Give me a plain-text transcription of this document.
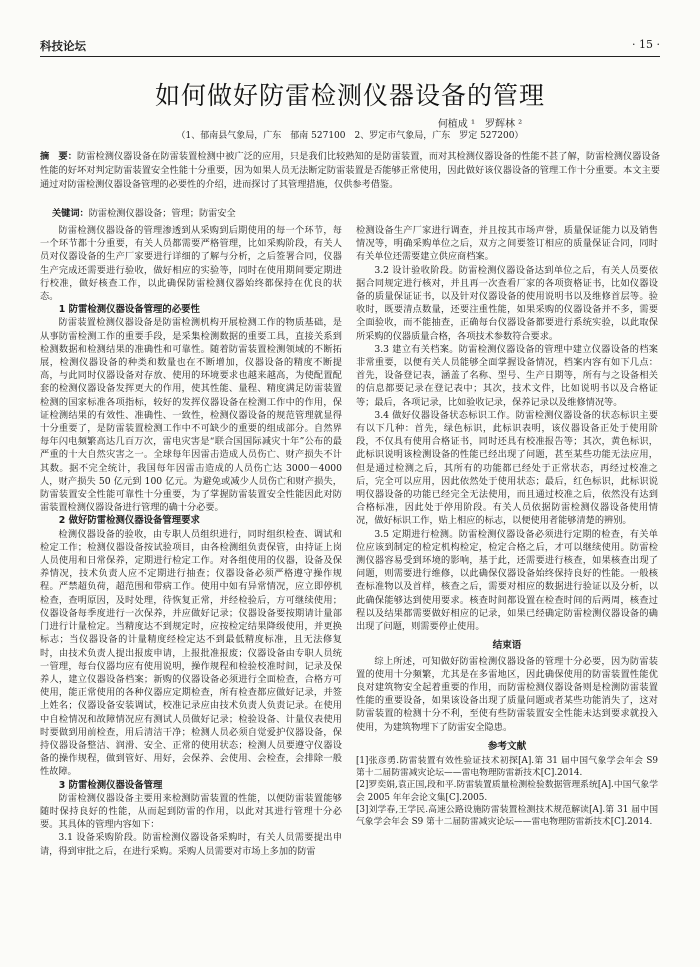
科技论坛	· 15 ·
如何做好防雷检测仪器设备的管理
何植成 ¹　罗辉林 ²
（1、郁南县气象局，广东　郁南 527100　2、罗定市气象局，广东　罗定 527200）
摘　要：防雷检测仪器设备在防雷装置检测中被广泛的应用，只是我们比较熟知的是防雷装置，而对其检测仪器设备的性能不甚了解，防雷检测仪器设备性能的好坏对判定防雷装置安全性能十分重要，因为如果人员无法断定防雷装置是否能够正常使用，因此做好该仪器设备的管理工作十分重要。本文主要通过对防雷检测仪器设备管理的必要性的介绍，进而探讨了其管理措施，仅供参考借鉴。
关键词：防雷检测仪器设备；管理；防雷安全

防雷检测仪器设备的管理渗透到从采购到后期使用的每一个环节，每一个环节都十分重要，有关人员都需要严格管理，比如采购阶段，有关人员对仪器设备的生产厂家要进行详细的了解与分析，之后签署合同，仪器生产完成还需要进行验收，做好相应的实验等，同时在使用期间要定期进行校准，做好核查工作，以此确保防雷检测仪器始终都保持在优良的状态。

1 防雷检测仪器设备管理的必要性

防雷装置检测仪器设备是防雷检测机构开展检测工作的物质基础，是从事防雷检测工作的重要手段，是采集检测数据的重要工具，直接关系到检测数据和检测结果的准确性和可靠性。随着防雷装置检测领域的不断拓展，检测仪器设备的种类和数量也在不断增加，仪器设备的精度不断提高，与此同时仪器设备对存放、使用的环境要求也越来越高，为使配置配套的检测仪器设备发挥更大的作用，使其性能、量程、精度满足防雷装置检测的国家标准各项指标，较好的发挥仪器设备在检测工作中的作用，保证检测结果的有效性、准确性、一致性，检测仪器设备的规范管理就显得十分重要了，是防雷装置检测工作中不可缺少的重要的组成部分。自然界每年闪电频繁高达几百万次，雷电灾害是“联合国国际减灾十年”公布的最严重的十大自然灾害之一。全球每年因雷击造成人员伤亡、财产损失不计其数。据不完全统计，我国每年因雷击造成的人员伤亡达 3000－4000 人，财产损失 50 亿元到 100 亿元。为避免或减少人员伤亡和财产损失，防雷装置安全性能可靠性十分重要，为了掌握防雷装置安全性能因此对防雷装置检测仪器设备进行管理的确十分必要。

2 做好防雷检测仪器设备管理要求

检测仪器设备的验收，由专职人员组织进行，同时组织检查、调试和检定工作；检测仪器设备按试验项目，由各检测组负责保管，由持证上岗人员使用和日常保养，定期进行检定工作。对各组使用的仪器，设备及保养情况，技术负责人应不定期进行抽查；仪器设备必须严格遵守操作规程。严禁超负荷，超范围和带病工作。使用中如有异常情况，应立即停机检查，查明原因，及时处理，待恢复正常，并经检验后，方可继续使用；仪器设备每季度进行一次保养，并应做好记录；仪器设备要按期请计量部门进行计量检定。当精度达不到规定时，应按检定结果降级使用，并更换标志；当仪器设备的计量精度经检定达不到最低精度标准，且无法修复时，由技术负责人提出报废申请，上报批准报废；仪器设备由专职人员统一管理，每台仪器均应有使用说明，操作规程和检验校准时间，记录及保养人，建立仪器设备档案；新购的仪器设备必须进行全面检查，合格方可使用，能正常使用的各种仪器应定期检查，所有检查都应做好记录，并签上姓名；仪器设备安装调试，校准记录应由技术负责人负责记录。在使用中自检情况和故障情况应有测试人员做好记录；检验设备、计量仪表使用时要做到用前检查，用后清洁干净；检测人员必须自觉爱护仪器设备，保持仪器设备整洁、润滑、安全、正常的使用状态；检测人员要遵守仪器设备的操作规程，做到管好、用好，会保养、会使用、会检查，会排除一般性故障。

3 防雷检测仪器设备管理

防雷检测仪器设备主要用来检测防雷装置的性能，以便防雷装置能够随时保持良好的性能，从而起到防雷的作用，以此对其进行管理十分必要。其具体的管理内容如下：

3.1 设备采购阶段。防雷检测仪器设备采购时，有关人员需要提出申请，得到审批之后，在进行采购。采购人员需要对市场上多加的防雷

检测设备生产厂家进行调查，并且按其市场声誉，质量保证能力以及销售情况等，明确采购单位之后，双方之间要签订相应的质量保证合同，同时有关单位还需要建立供应商档案。

3.2 设计验收阶段。防雷检测仪器设备达到单位之后，有关人员要依据合同规定进行核对，并且再一次查看厂家的各项资格证书，比如仪器设备的质量保证证书，以及针对仪器设备的使用说明书以及维修首层等。验收时，既要清点数量，还要注重性能，如果采购的仪器设备并不多，需要全面验收，而不能抽查，正确每台仪器设备都要进行系统实验，以此取保所采购的仪器质量合格，各项技术参数符合要求。

3.3 建立有关档案。防雷检测仪器设备的管理中建立仪器设备的档案非常重要，以便有关人员能够全面掌握设备情况，档案内容有如下几点：首先，设备登记表，涵盖了名称、型号、生产日期等，所有与之设备相关的信息都要记录在登记表中；其次，技术文件，比如说明书以及合格证等；最后，各项记录，比如验收记录，保养记录以及维修情况等。

3.4 做好仪器设备状态标识工作。防雷检测仪器设备的状态标识主要有以下几种：首先，绿色标识，此标识表明，该仪器设备正处于使用阶段，不仅具有使用合格证书，同时还具有校准报告等；其次，黄色标识，此标识说明该检测设备的性能已经出现了问题，甚至某些功能无法应用，但是通过检测之后，其所有的功能都已经处于正常状态，再经过校准之后，完全可以应用，因此依然处于使用状态；最后，红色标识，此标识说明仪器设备的功能已经完全无法使用，而且通过校准之后，依然没有达到合格标准，因此处于停用阶段。有关人员依据防雷检测仪器设备使用情况，做好标识工作，贴上相应的标志，以便使用者能够清楚的辨别。

3.5 定期进行检测。防雷检测仪器设备必须进行定期的检查，有关单位应该到制定的检定机构检定，检定合格之后，才可以继续使用。防雷检测仪器容易受到环境的影响，基于此，还需要进行核查，如果核查出现了问题，则需要进行维修，以此确保仪器设备始终保持良好的性能。一般核查标准物以及首样，核查之后，需要对相应的数据进行验证以及分析，以此确保能够达到使用要求。核查时间都设置在检查时间的后两周，核查过程以及结果都需要做好相应的记录，如果已经确定防雷检测仪器设备的确出现了问题，则需要停止使用。

结束语

综上所述，可知做好防雷检测仪器设备的管理十分必要，因为防雷装置的使用十分频繁，尤其是在多雷地区，因此确保使用的防雷装置性能优良对建筑物安全起着重要的作用，而防雷检测仪器设备则是检测防雷装置性能的重要设备，如果该设备出现了质量问题或者某些功能消失了，这对防雷装置的检测十分不利，至使有些防雷装置安全性能未达到要求就投入使用，为建筑物埋下了防雷安全隐患。

参考文献

[1]张彦勇.防雷装置有效性验证技术初探[A].第 31 届中国气象学会年会 S9 第十二届防雷减灾论坛——雷电物理防雷新技术[C].2014.

[2]罗奕娟,袁正国,段和平.防雷装置质量检测检验数据管理系统[A].中国气象学会 2005 年年会论文集[C].2005.

[3]刘学春,王学民.高速公路设施防雷装置检测技术规范解读[A].第 31 届中国气象学会年会 S9 第十二届防雷减灾论坛——雷电物理防雷新技术[C].2014.
